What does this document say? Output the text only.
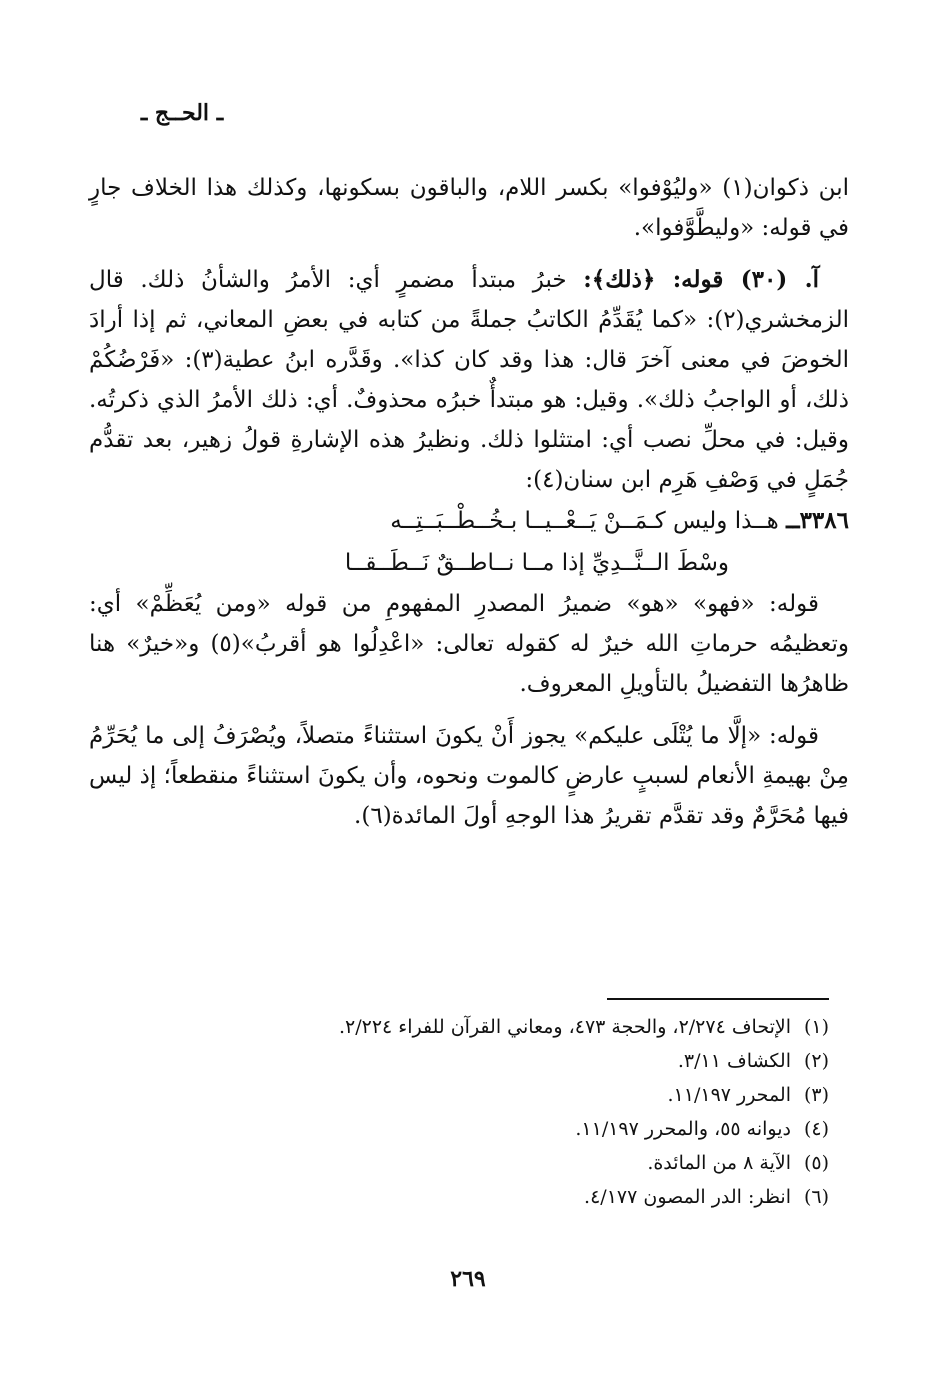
ـ الحــج ـ

ابن ذكوان(١) «وليُوْفوا» بكسر اللام، والباقون بسكونها، وكذلك هذا الخلاف جارٍ في قوله: «وليطَّوَّفوا».

آ. (٣٠) قوله: ﴿ذلك﴾: خبرُ مبتدأ مضمرٍ أي: الأمرُ والشأنُ ذلك. قال الزمخشري(٢): «كما يُقَدِّمُ الكاتبُ جملةً من كتابه في بعضِ المعاني، ثم إذا أرادَ الخوضَ في معنى آخرَ قال: هذا وقد كان كذا». وقَدَّره ابنُ عطية(٣): «فَرْضُكُمْ ذلك، أو الواجبُ ذلك». وقيل: هو مبتدأٌ خبرُه محذوفٌ. أي: ذلك الأمرُ الذي ذكرتُه. وقيل: في محلِّ نصب أي: امتثلوا ذلك. ونظيرُ هذه الإشارةِ قولُ زهير، بعد تقدُّم جُمَلٍ في وَصْفِ هَرِم ابن سنان(٤):

٣٣٨٦ــ هــذا وليس كـمَــنْ يَــعْــيــا بـخُــطْــبَــتِــه

وسْطَ الــنَّــدِيِّ إذا مــا نــاطــقٌ نَــطَــقــا

قوله: «فهو» «هو» ضميرُ المصدرِ المفهومِ من قوله «ومن يُعَظِّمْ» أي: وتعظيمُه حرماتِ الله خيرٌ له كقوله تعالى: «اعْدِلُوا هو أقربُ»(٥) و«خيرٌ» هنا ظاهرُها التفضيلُ بالتأويلِ المعروف.

قوله: «إلَّا ما يُتْلَى عليكم» يجوز أَنْ يكونَ استثناءً متصلاً، ويُصْرَفُ إلى ما يُحَرِّمُ مِنْ بهيمةِ الأنعام لسببٍ عارضٍ كالموت ونحوه، وأن يكونَ استثناءً منقطعاً؛ إذ ليس فيها مُحَرَّمٌ وقد تقدَّم تقريرُ هذا الوجهِ أولَ المائدة(٦).

(١)الإتحاف ٢/٢٧٤، والحجة ٤٧٣، ومعاني القرآن للفراء ٢/٢٢٤.

(٢)الكشاف ٣/١١.

(٣)المحرر ١١/١٩٧.

(٤)ديوانه ٥٥، والمحرر ١١/١٩٧.

(٥)الآية ٨ من المائدة.

(٦)انظر: الدر المصون ٤/١٧٧.

٢٦٩
